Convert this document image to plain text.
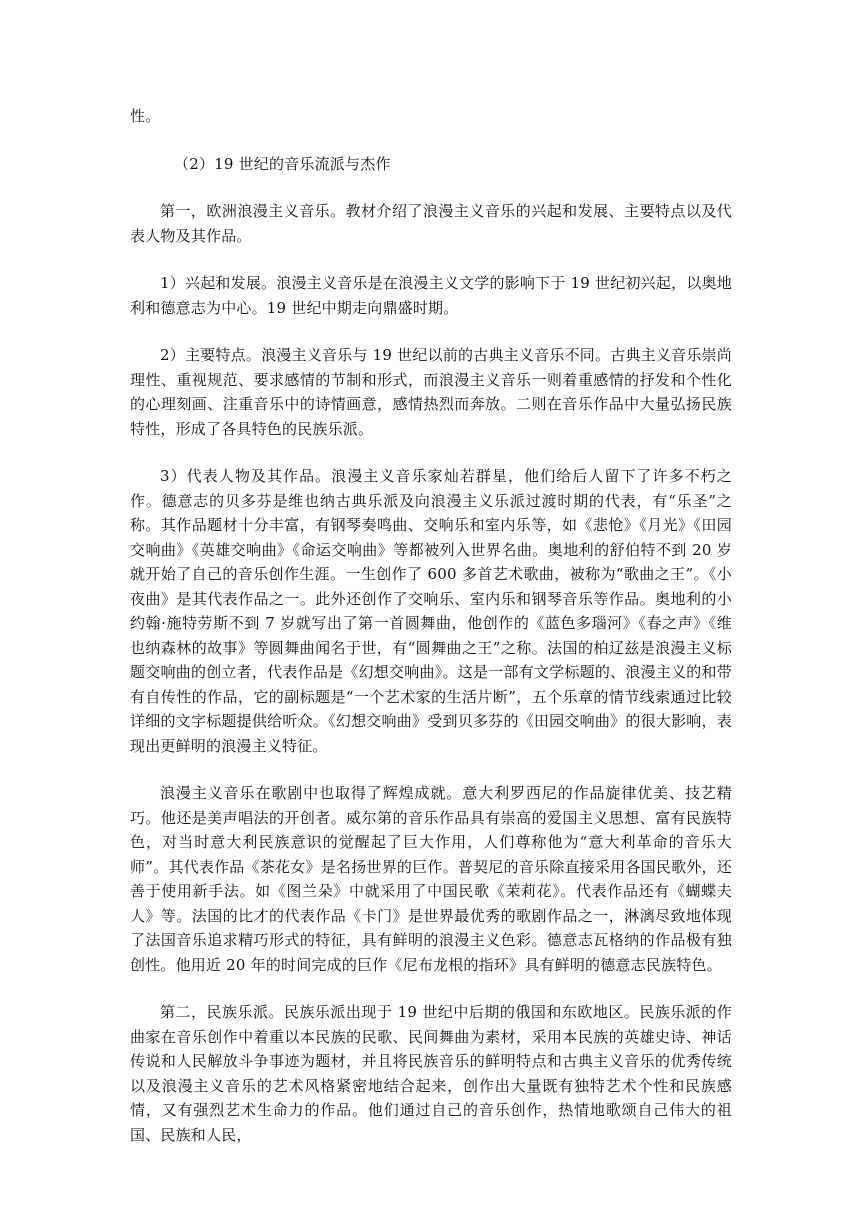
性。

（2）19 世纪的音乐流派与杰作

第一，欧洲浪漫主义音乐。教材介绍了浪漫主义音乐的兴起和发展、主要特点以及代表人物及其作品。

1）兴起和发展。浪漫主义音乐是在浪漫主义文学的影响下于 19 世纪初兴起，以奥地利和德意志为中心。19 世纪中期走向鼎盛时期。

2）主要特点。浪漫主义音乐与 19 世纪以前的古典主义音乐不同。古典主义音乐崇尚理性、重视规范、要求感情的节制和形式，而浪漫主义音乐一则着重感情的抒发和个性化的心理刻画、注重音乐中的诗情画意，感情热烈而奔放。二则在音乐作品中大量弘扬民族特性，形成了各具特色的民族乐派。

3）代表人物及其作品。浪漫主义音乐家灿若群星，他们给后人留下了许多不朽之作。德意志的贝多芬是维也纳古典乐派及向浪漫主义乐派过渡时期的代表，有“乐圣”之称。其作品题材十分丰富，有钢琴奏鸣曲、交响乐和室内乐等，如《悲怆》《月光》《田园交响曲》《英雄交响曲》《命运交响曲》等都被列入世界名曲。奥地利的舒伯特不到 20 岁就开始了自己的音乐创作生涯。一生创作了 600 多首艺术歌曲，被称为“歌曲之王”。《小夜曲》是其代表作品之一。此外还创作了交响乐、室内乐和钢琴音乐等作品。奥地利的小约翰·施特劳斯不到 7 岁就写出了第一首圆舞曲，他创作的《蓝色多瑙河》《春之声》《维也纳森林的故事》等圆舞曲闻名于世，有“圆舞曲之王”之称。法国的柏辽兹是浪漫主义标题交响曲的创立者，代表作品是《幻想交响曲》。这是一部有文学标题的、浪漫主义的和带有自传性的作品，它的副标题是“一个艺术家的生活片断”，五个乐章的情节线索通过比较详细的文字标题提供给听众。《幻想交响曲》受到贝多芬的《田园交响曲》的很大影响，表现出更鲜明的浪漫主义特征。

浪漫主义音乐在歌剧中也取得了辉煌成就。意大利罗西尼的作品旋律优美、技艺精巧。他还是美声唱法的开创者。威尔第的音乐作品具有崇高的爱国主义思想、富有民族特色，对当时意大利民族意识的觉醒起了巨大作用，人们尊称他为“意大利革命的音乐大师”。其代表作品《茶花女》是名扬世界的巨作。普契尼的音乐除直接采用各国民歌外，还善于使用新手法。如《图兰朵》中就采用了中国民歌《茉莉花》。代表作品还有《蝴蝶夫人》等。法国的比才的代表作品《卡门》是世界最优秀的歌剧作品之一，淋漓尽致地体现了法国音乐追求精巧形式的特征，具有鲜明的浪漫主义色彩。德意志瓦格纳的作品极有独创性。他用近 20 年的时间完成的巨作《尼布龙根的指环》具有鲜明的德意志民族特色。

第二，民族乐派。民族乐派出现于 19 世纪中后期的俄国和东欧地区。民族乐派的作曲家在音乐创作中着重以本民族的民歌、民间舞曲为素材，采用本民族的英雄史诗、神话传说和人民解放斗争事迹为题材，并且将民族音乐的鲜明特点和古典主义音乐的优秀传统以及浪漫主义音乐的艺术风格紧密地结合起来，创作出大量既有独特艺术个性和民族感情，又有强烈艺术生命力的作品。他们通过自己的音乐创作，热情地歌颂自己伟大的祖国、民族和人民，
